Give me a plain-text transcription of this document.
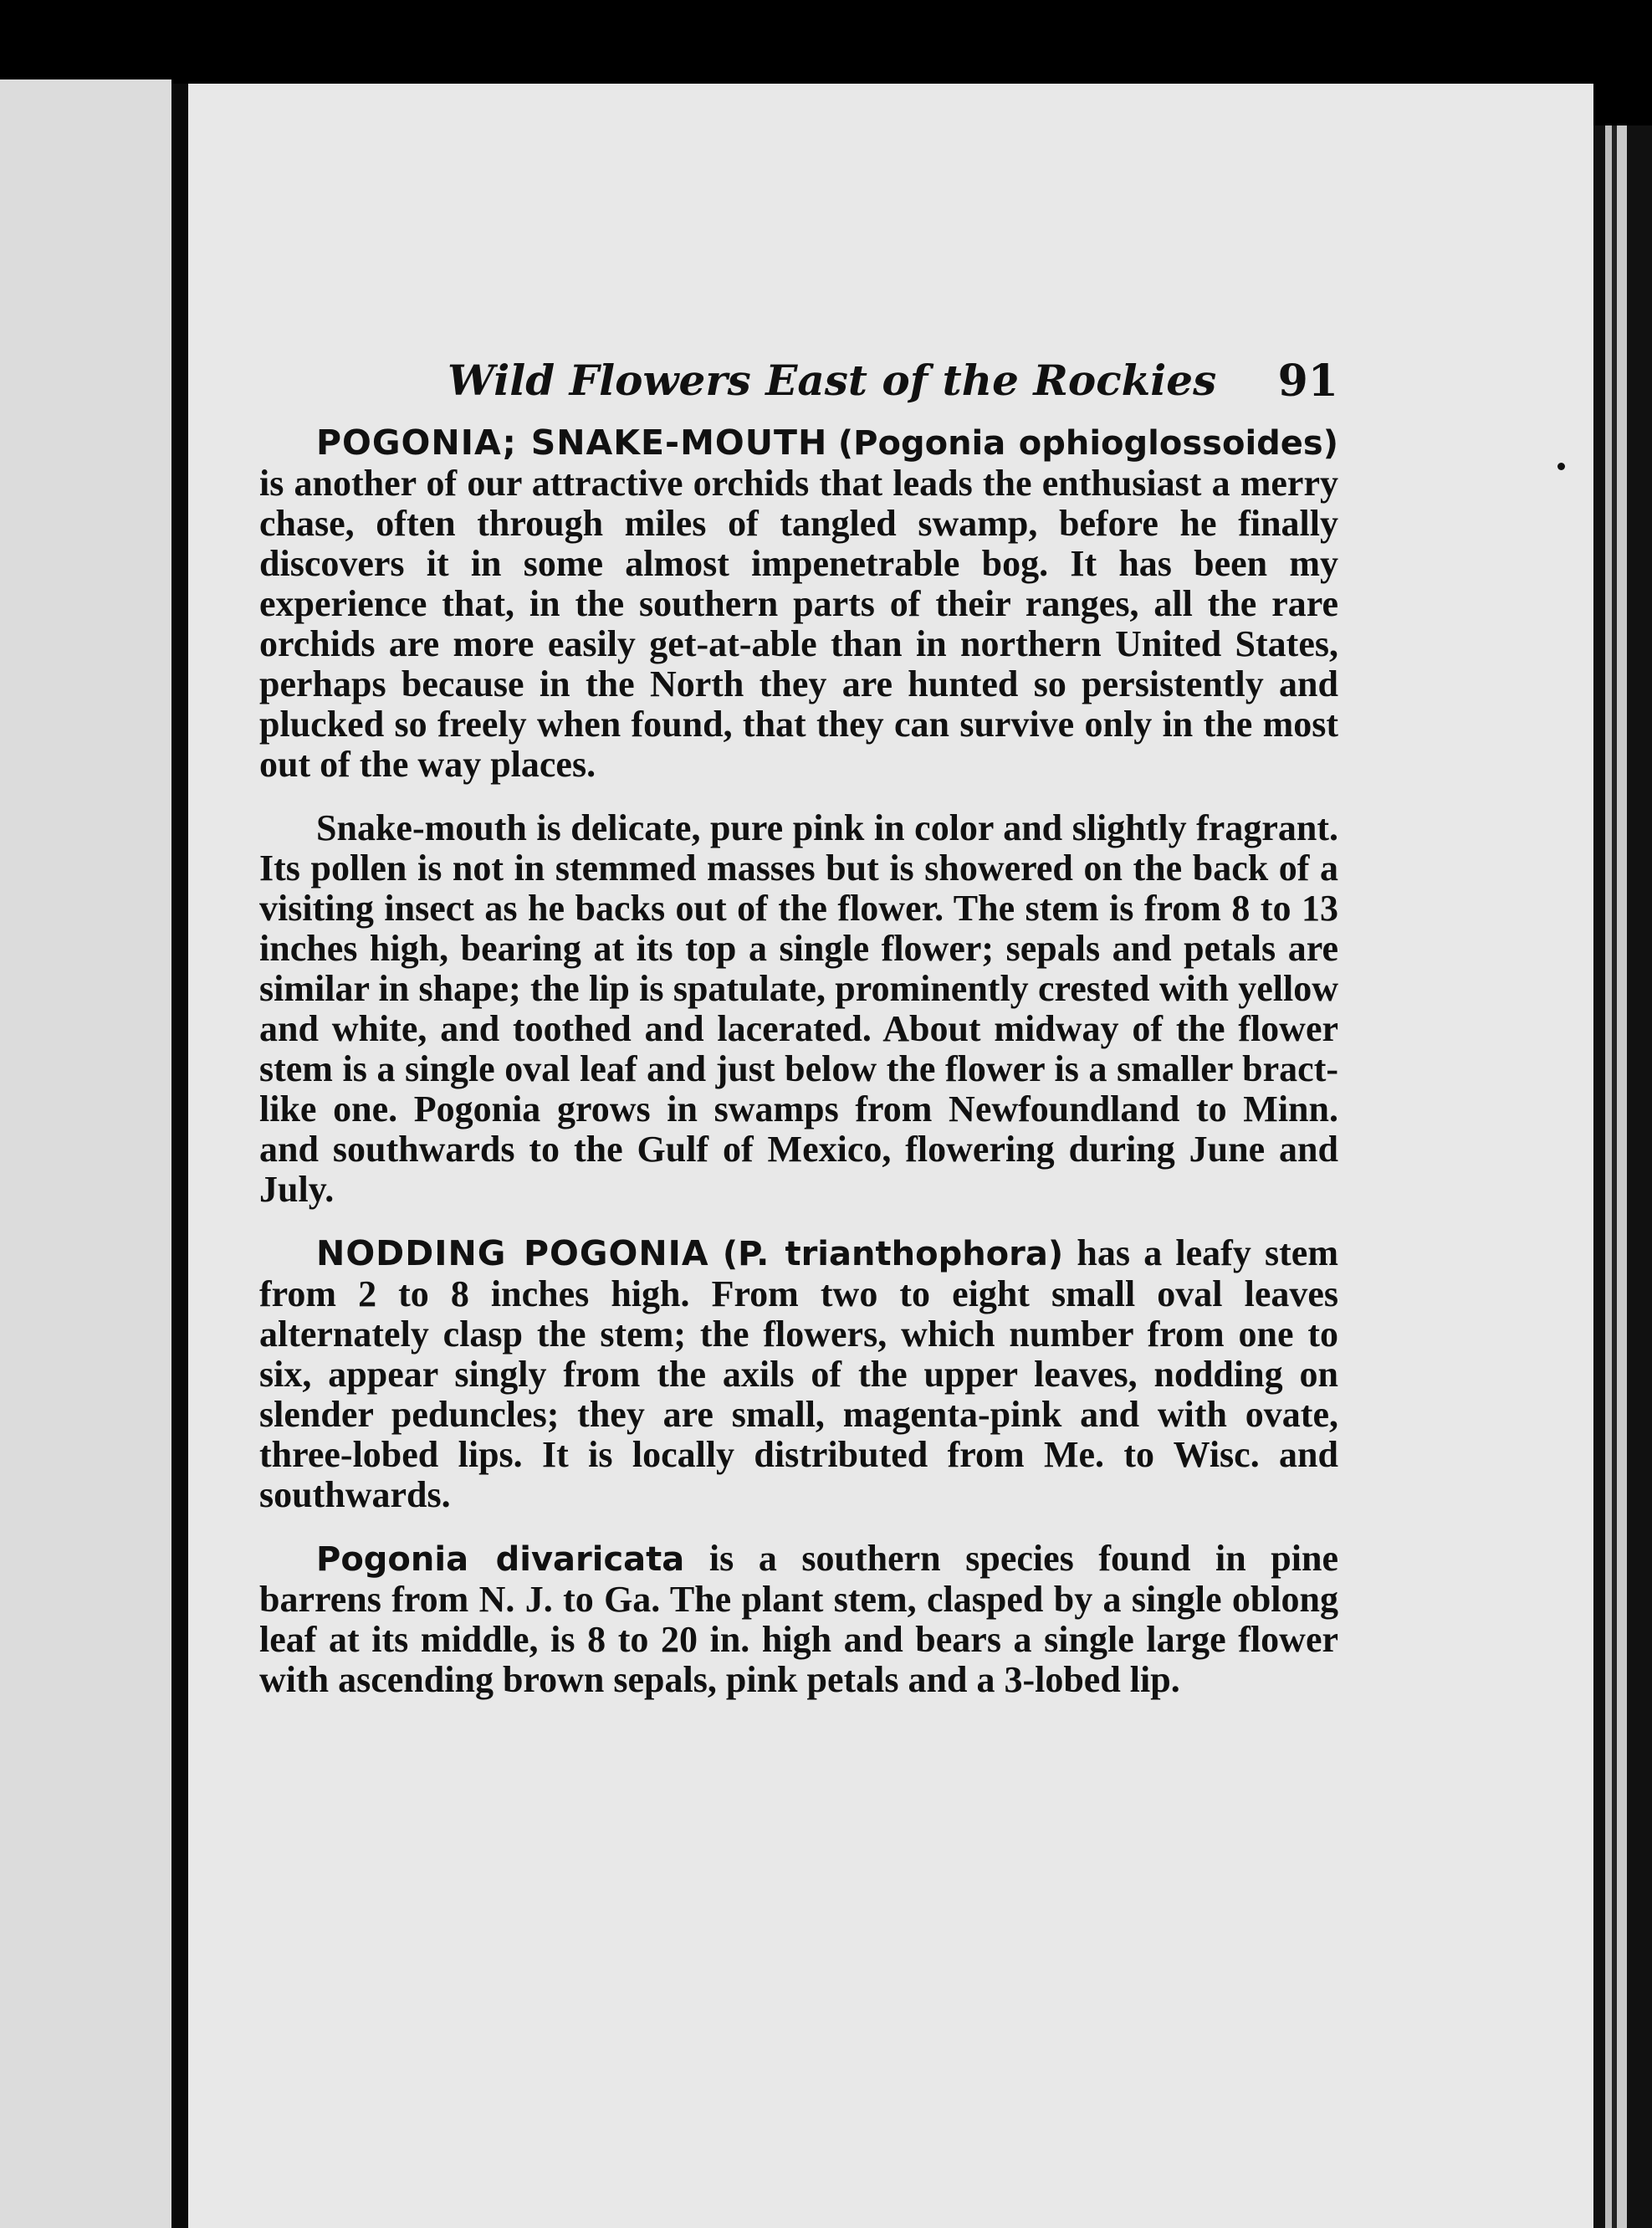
Wild Flowers East of the Rockies 91

POGONIA; SNAKE-MOUTH (Pogonia ophioglossoides) is another of our attractive orchids that leads the enthusiast a merry chase, often through miles of tangled swamp, before he finally discovers it in some almost impenetrable bog. It has been my experience that, in the southern parts of their ranges, all the rare orchids are more easily get-at-able than in northern United States, perhaps because in the North they are hunted so persistently and plucked so freely when found, that they can survive only in the most out of the way places.

Snake-mouth is delicate, pure pink in color and slightly fragrant. Its pollen is not in stemmed masses but is showered on the back of a visiting insect as he backs out of the flower. The stem is from 8 to 13 inches high, bearing at its top a single flower; sepals and petals are similar in shape; the lip is spatulate, prominently crested with yellow and white, and toothed and lacerated. About midway of the flower stem is a single oval leaf and just below the flower is a smaller bract-like one. Pogonia grows in swamps from Newfoundland to Minn. and southwards to the Gulf of Mexico, flowering during June and July.

NODDING POGONIA (P. trianthophora) has a leafy stem from 2 to 8 inches high. From two to eight small oval leaves alternately clasp the stem; the flowers, which number from one to six, appear singly from the axils of the upper leaves, nodding on slender peduncles; they are small, magenta-pink and with ovate, three-lobed lips. It is locally distributed from Me. to Wisc. and southwards.

Pogonia divaricata is a southern species found in pine barrens from N. J. to Ga. The plant stem, clasped by a single oblong leaf at its middle, is 8 to 20 in. high and bears a single large flower with ascending brown sepals, pink petals and a 3-lobed lip.
